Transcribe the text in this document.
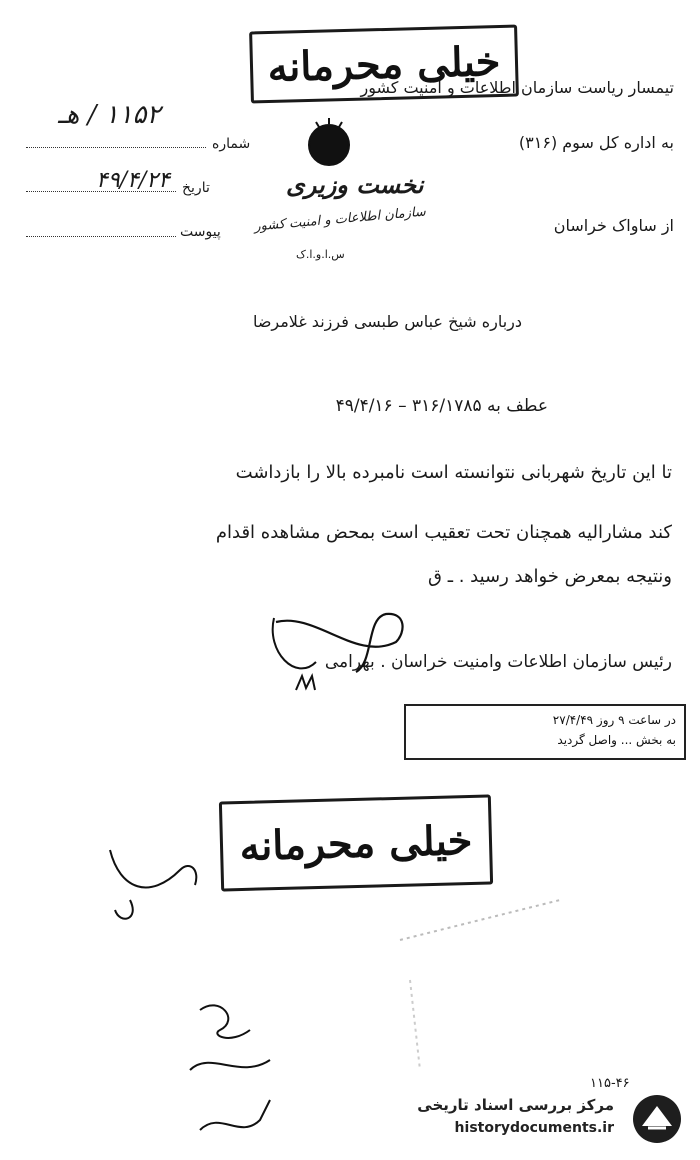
خیلی محرمانه
تیمسار ریاست سازمان اطلاعات و امنیت کشور
به اداره کل سوم (۳۱۶)
نخست وزیری
سازمان اطلاعات و امنیت کشور
س.ا.و.ا.ک
از ساواک خراسان
۱۱۵۲ / هـ
شماره
۴۹/۴/۲۴ تاریخ
پیوست
درباره شیخ عباس طبسی فرزند غلامرضا
عطف به ۳۱۶/۱۷۸۵ – ۴۹/۴/۱۶
تا این تاریخ شهربانی نتوانسته است نامبرده بالا را بازداشت
کند مشارالیه همچنان تحت تعقیب است بمحض مشاهده اقدام
ونتیجه بمعرض خواهد رسید . ـ ق
رئیس سازمان اطلاعات وامنیت خراسان . بهرامی
در ساعت ۹ روز ۲۷/۴/۴۹
به بخش ... واصل گردید
خیلی محرمانه
۱۱۵-۴۶
مرکز بررسی اسناد تاریخی
historydocuments.ir
